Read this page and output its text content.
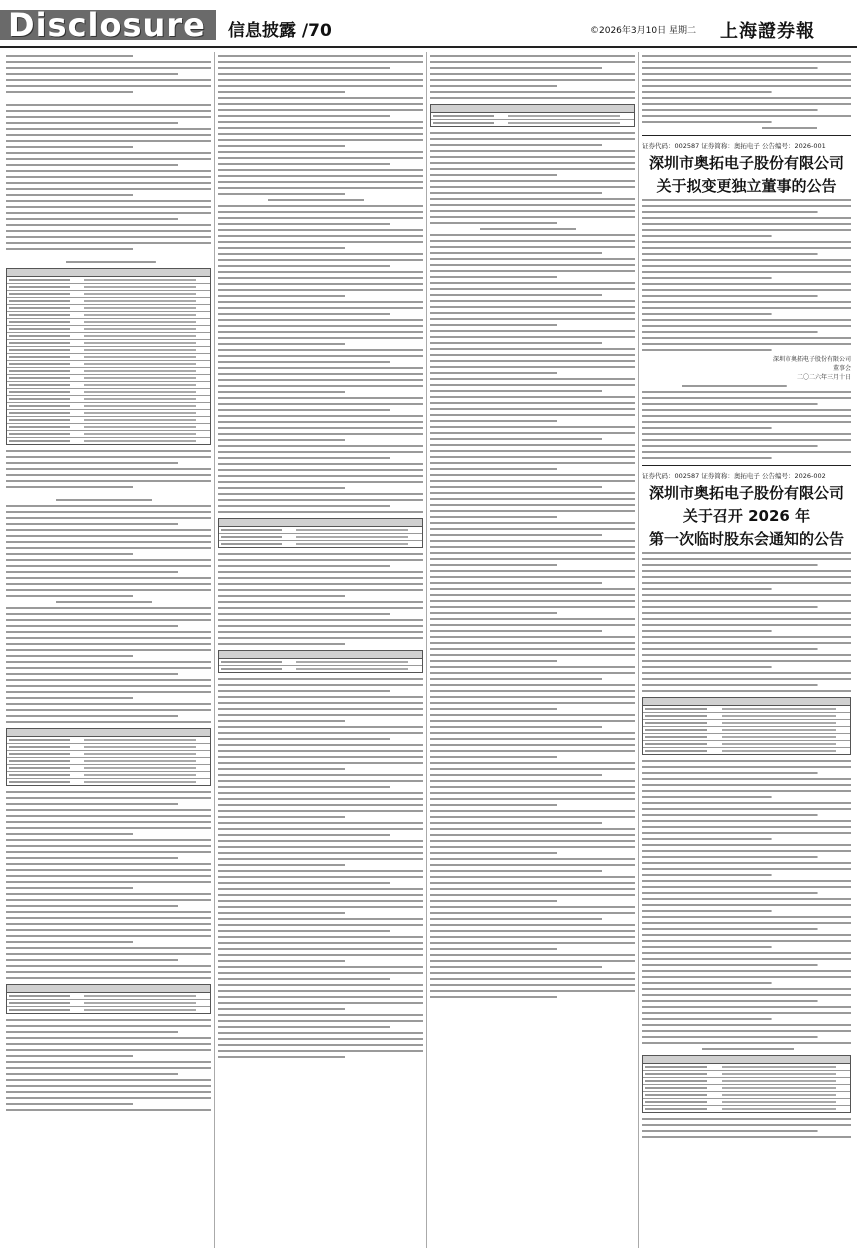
Disclosure 信息披露 /70	©2026年3月10日 星期二 上海證券報
证券代码：002587 证券简称：奥拓电子 公告编号：2026-001
深圳市奥拓电子股份有限公司
关于拟变更独立董事的公告
深圳市奥拓电子股份有限公司
董事会
二〇二六年三月十日
证券代码：002587 证券简称：奥拓电子 公告编号：2026-002
深圳市奥拓电子股份有限公司
关于召开 2026 年
第一次临时股东会通知的公告
